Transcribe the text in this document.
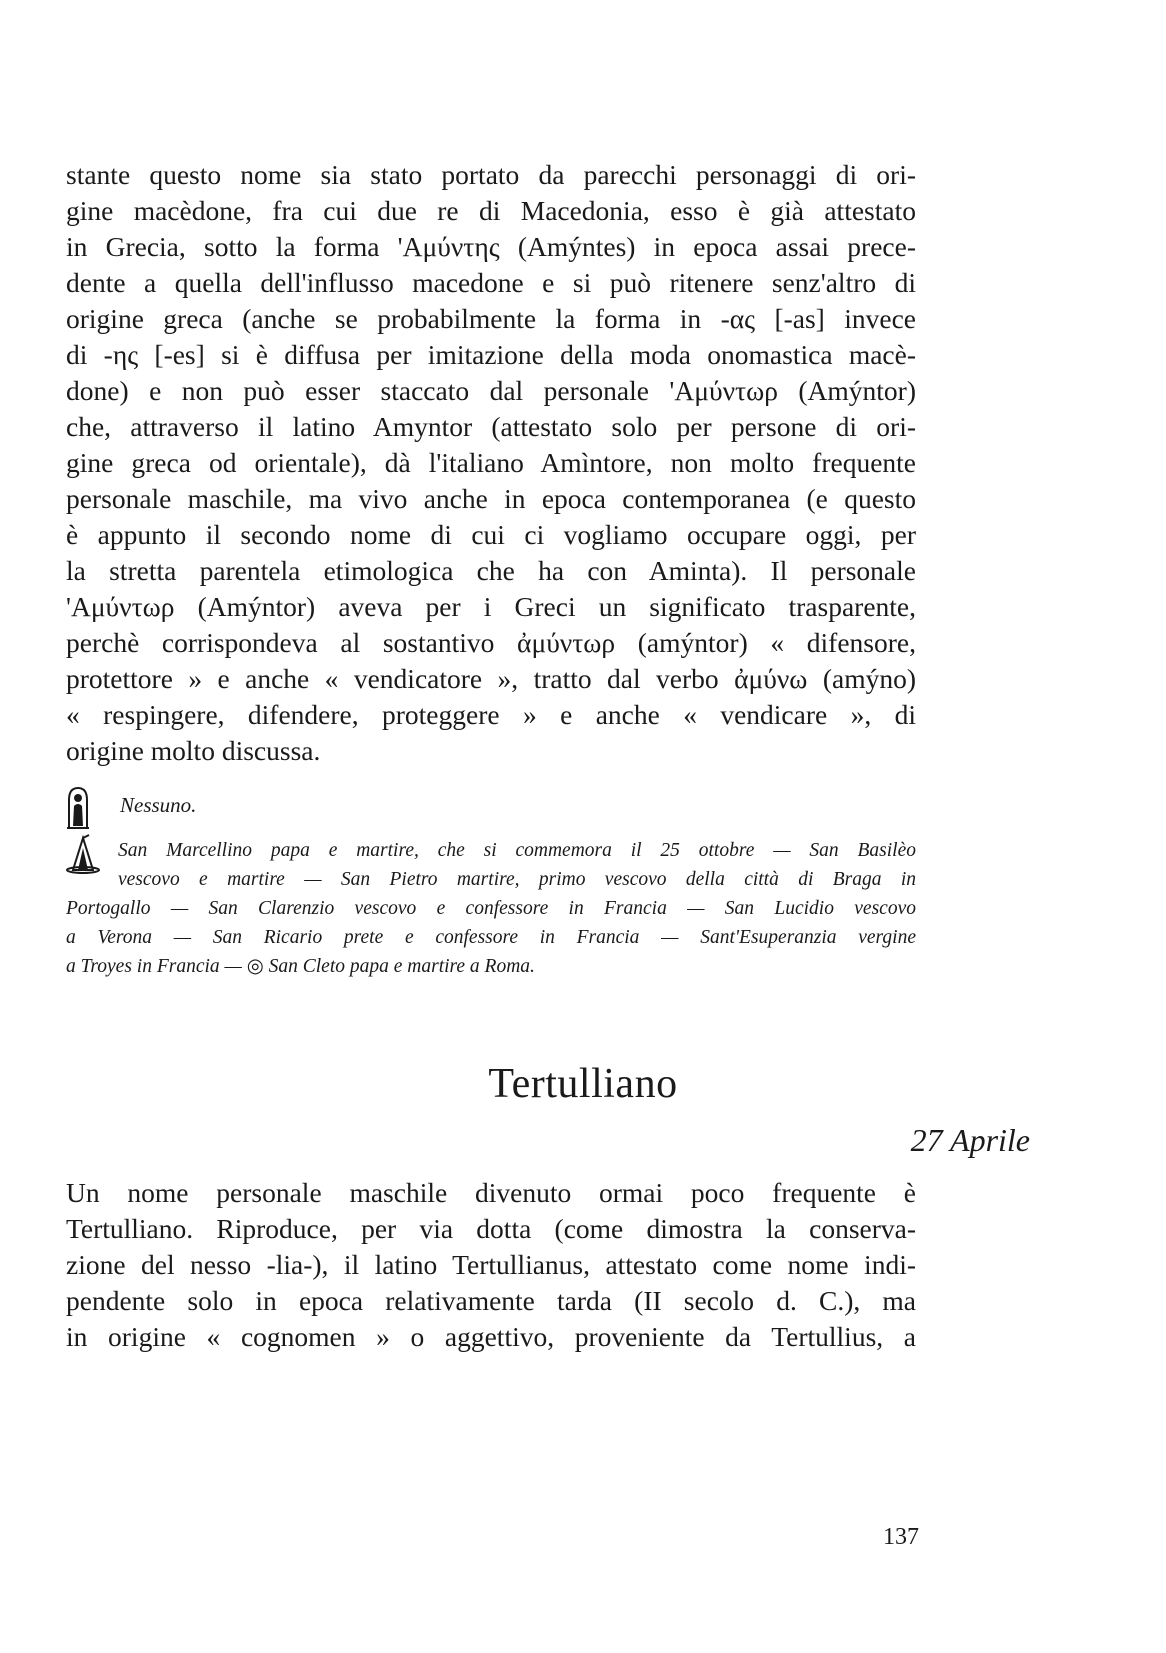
stante questo nome sia stato portato da parecchi personaggi di ori-
gine macèdone, fra cui due re di Macedonia, esso è già attestato
in Grecia, sotto la forma 'Αμύντης (Amýntes) in epoca assai prece-
dente a quella dell'influsso macedone e si può ritenere senz'altro di
origine greca (anche se probabilmente la forma in -ας [-as] invece
di -ης [-es] si è diffusa per imitazione della moda onomastica macè-
done) e non può esser staccato dal personale 'Αμύντωρ (Amýntor)
che, attraverso il latino Amyntor (attestato solo per persone di ori-
gine greca od orientale), dà l'italiano Amìntore, non molto frequente
personale maschile, ma vivo anche in epoca contemporanea (e questo
è appunto il secondo nome di cui ci vogliamo occupare oggi, per
la stretta parentela etimologica che ha con Aminta). Il personale
'Αμύντωρ (Amýntor) aveva per i Greci un significato trasparente,
perchè corrispondeva al sostantivo ἀμύντωρ (amýntor) « difensore,
protettore » e anche « vendicatore », tratto dal verbo ἀμύνω (amýno)
« respingere, difendere, proteggere » e anche « vendicare », di
origine molto discussa.
Nessuno.
San Marcellino papa e martire, che si commemora il 25 ottobre — San Basilèo
vescovo e martire — San Pietro martire, primo vescovo della città di Braga in
Portogallo — San Clarenzio vescovo e confessore in Francia — San Lucidio vescovo
a Verona — San Ricario prete e confessore in Francia — Sant'Esuperanzia vergine
a Troyes in Francia — ◎ San Cleto papa e martire a Roma.
Tertulliano
27 Aprile
Un nome personale maschile divenuto ormai poco frequente è
Tertulliano. Riproduce, per via dotta (come dimostra la conserva-
zione del nesso -lia-), il latino Tertullianus, attestato come nome indi-
pendente solo in epoca relativamente tarda (II secolo d. C.), ma
in origine « cognomen » o aggettivo, proveniente da Tertullius, a
137
